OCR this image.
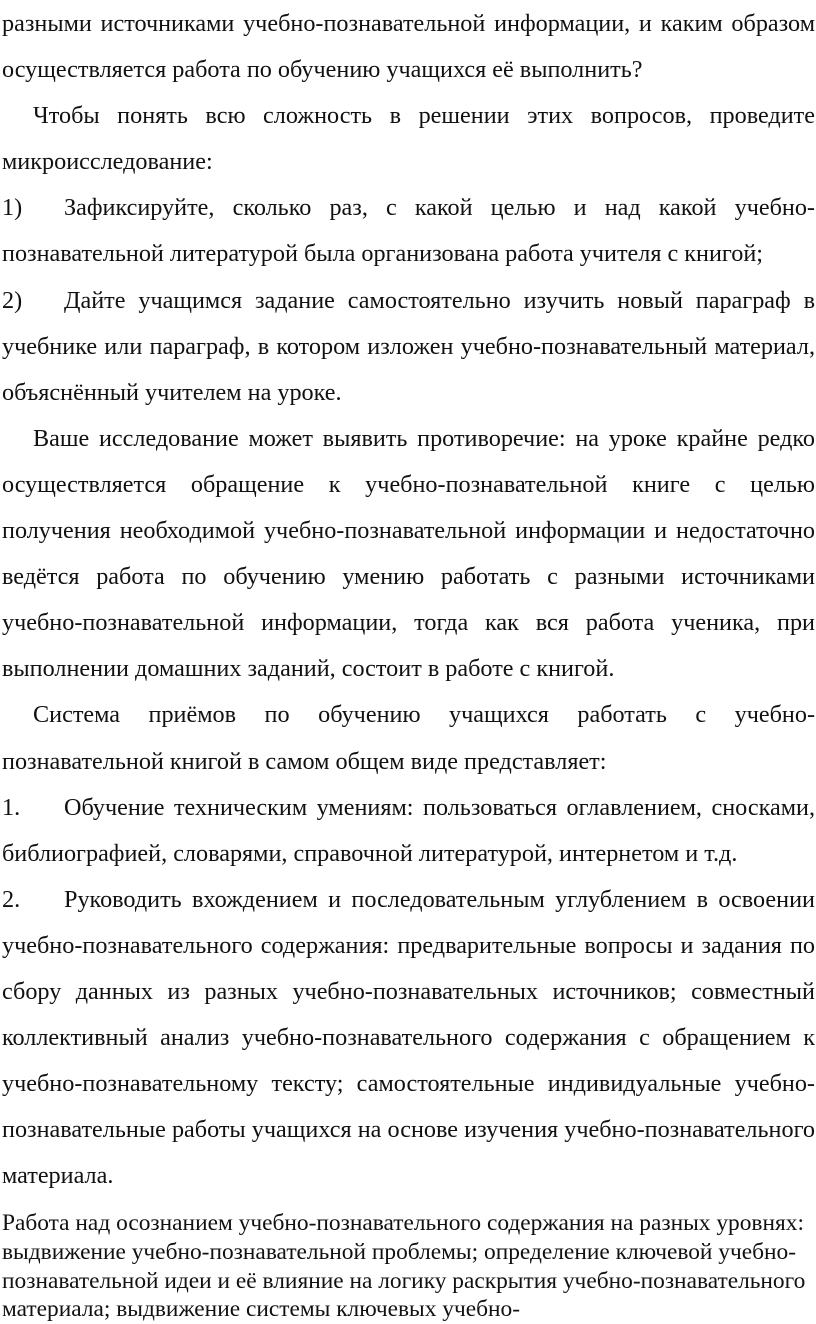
разными источниками учебно-познавательной информации, и каким образом осуществляется работа по обучению учащихся её выполнить?

Чтобы понять всю сложность в решении этих вопросов, проведите микроисследование:

1) Зафиксируйте, сколько раз, с какой целью и над какой учебно-познавательной литературой была организована работа учителя с книгой;

2) Дайте учащимся задание самостоятельно изучить новый параграф в учебнике или параграф, в котором изложен учебно-познавательный материал, объяснённый учителем на уроке.

Ваше исследование может выявить противоречие: на уроке крайне редко осуществляется обращение к учебно-познавательной книге с целью получения необходимой учебно-познавательной информации и недостаточно ведётся работа по обучению умению работать с разными источниками учебно-познавательной информации, тогда как вся работа ученика, при выполнении домашних заданий, состоит в работе с книгой.

Система приёмов по обучению учащихся работать с учебно-познавательной книгой в самом общем виде представляет:

1. Обучение техническим умениям: пользоваться оглавлением, сносками, библиографией, словарями, справочной литературой, интернетом и т.д.

2. Руководить вхождением и последовательным углублением в освоении учебно-познавательного содержания: предварительные вопросы и задания по сбору данных из разных учебно-познавательных источников; совместный коллективный анализ учебно-познавательного содержания с обращением к учебно-познавательному тексту; самостоятельные индивидуальные учебно-познавательные работы учащихся на основе изучения учебно-познавательного материала.

Работа над осознанием учебно-познавательного содержания на разных уровнях: выдвижение учебно-познавательной проблемы; определение ключевой учебно-познавательной идеи и её влияние на логику раскрытия учебно-познавательного материала; выдвижение системы ключевых учебно-
